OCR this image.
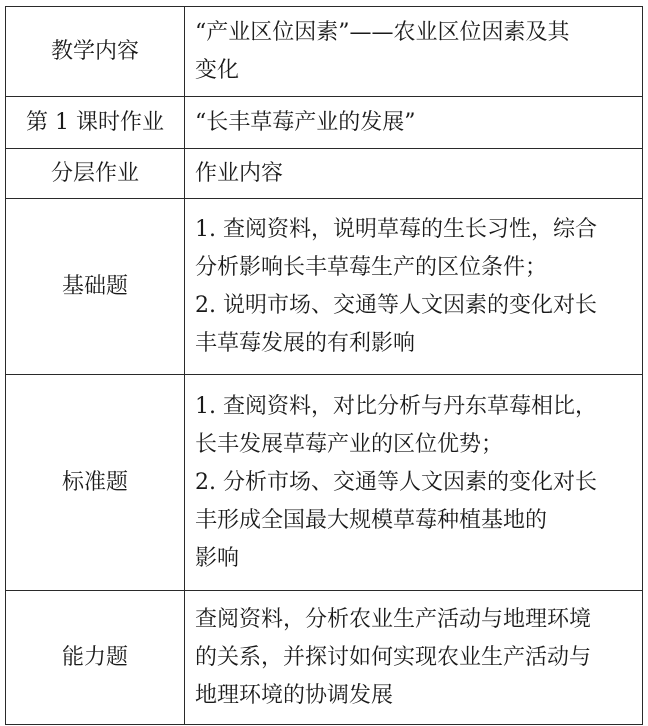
教学内容	“产业区位因素”——农业区位因素及其
变化

第 1 课时作业	“长丰草莓产业的发展”

分层作业	作业内容

基础题	1. 查阅资料，说明草莓的生长习性，综合
分析影响长丰草莓生产的区位条件；
2. 说明市场、交通等人文因素的变化对长
丰草莓发展的有利影响

标准题	1. 查阅资料，对比分析与丹东草莓相比，
长丰发展草莓产业的区位优势；
2. 分析市场、交通等人文因素的变化对长
丰形成全国最大规模草莓种植基地的
影响

能力题	查阅资料，分析农业生产活动与地理环境
的关系，并探讨如何实现农业生产活动与
地理环境的协调发展
